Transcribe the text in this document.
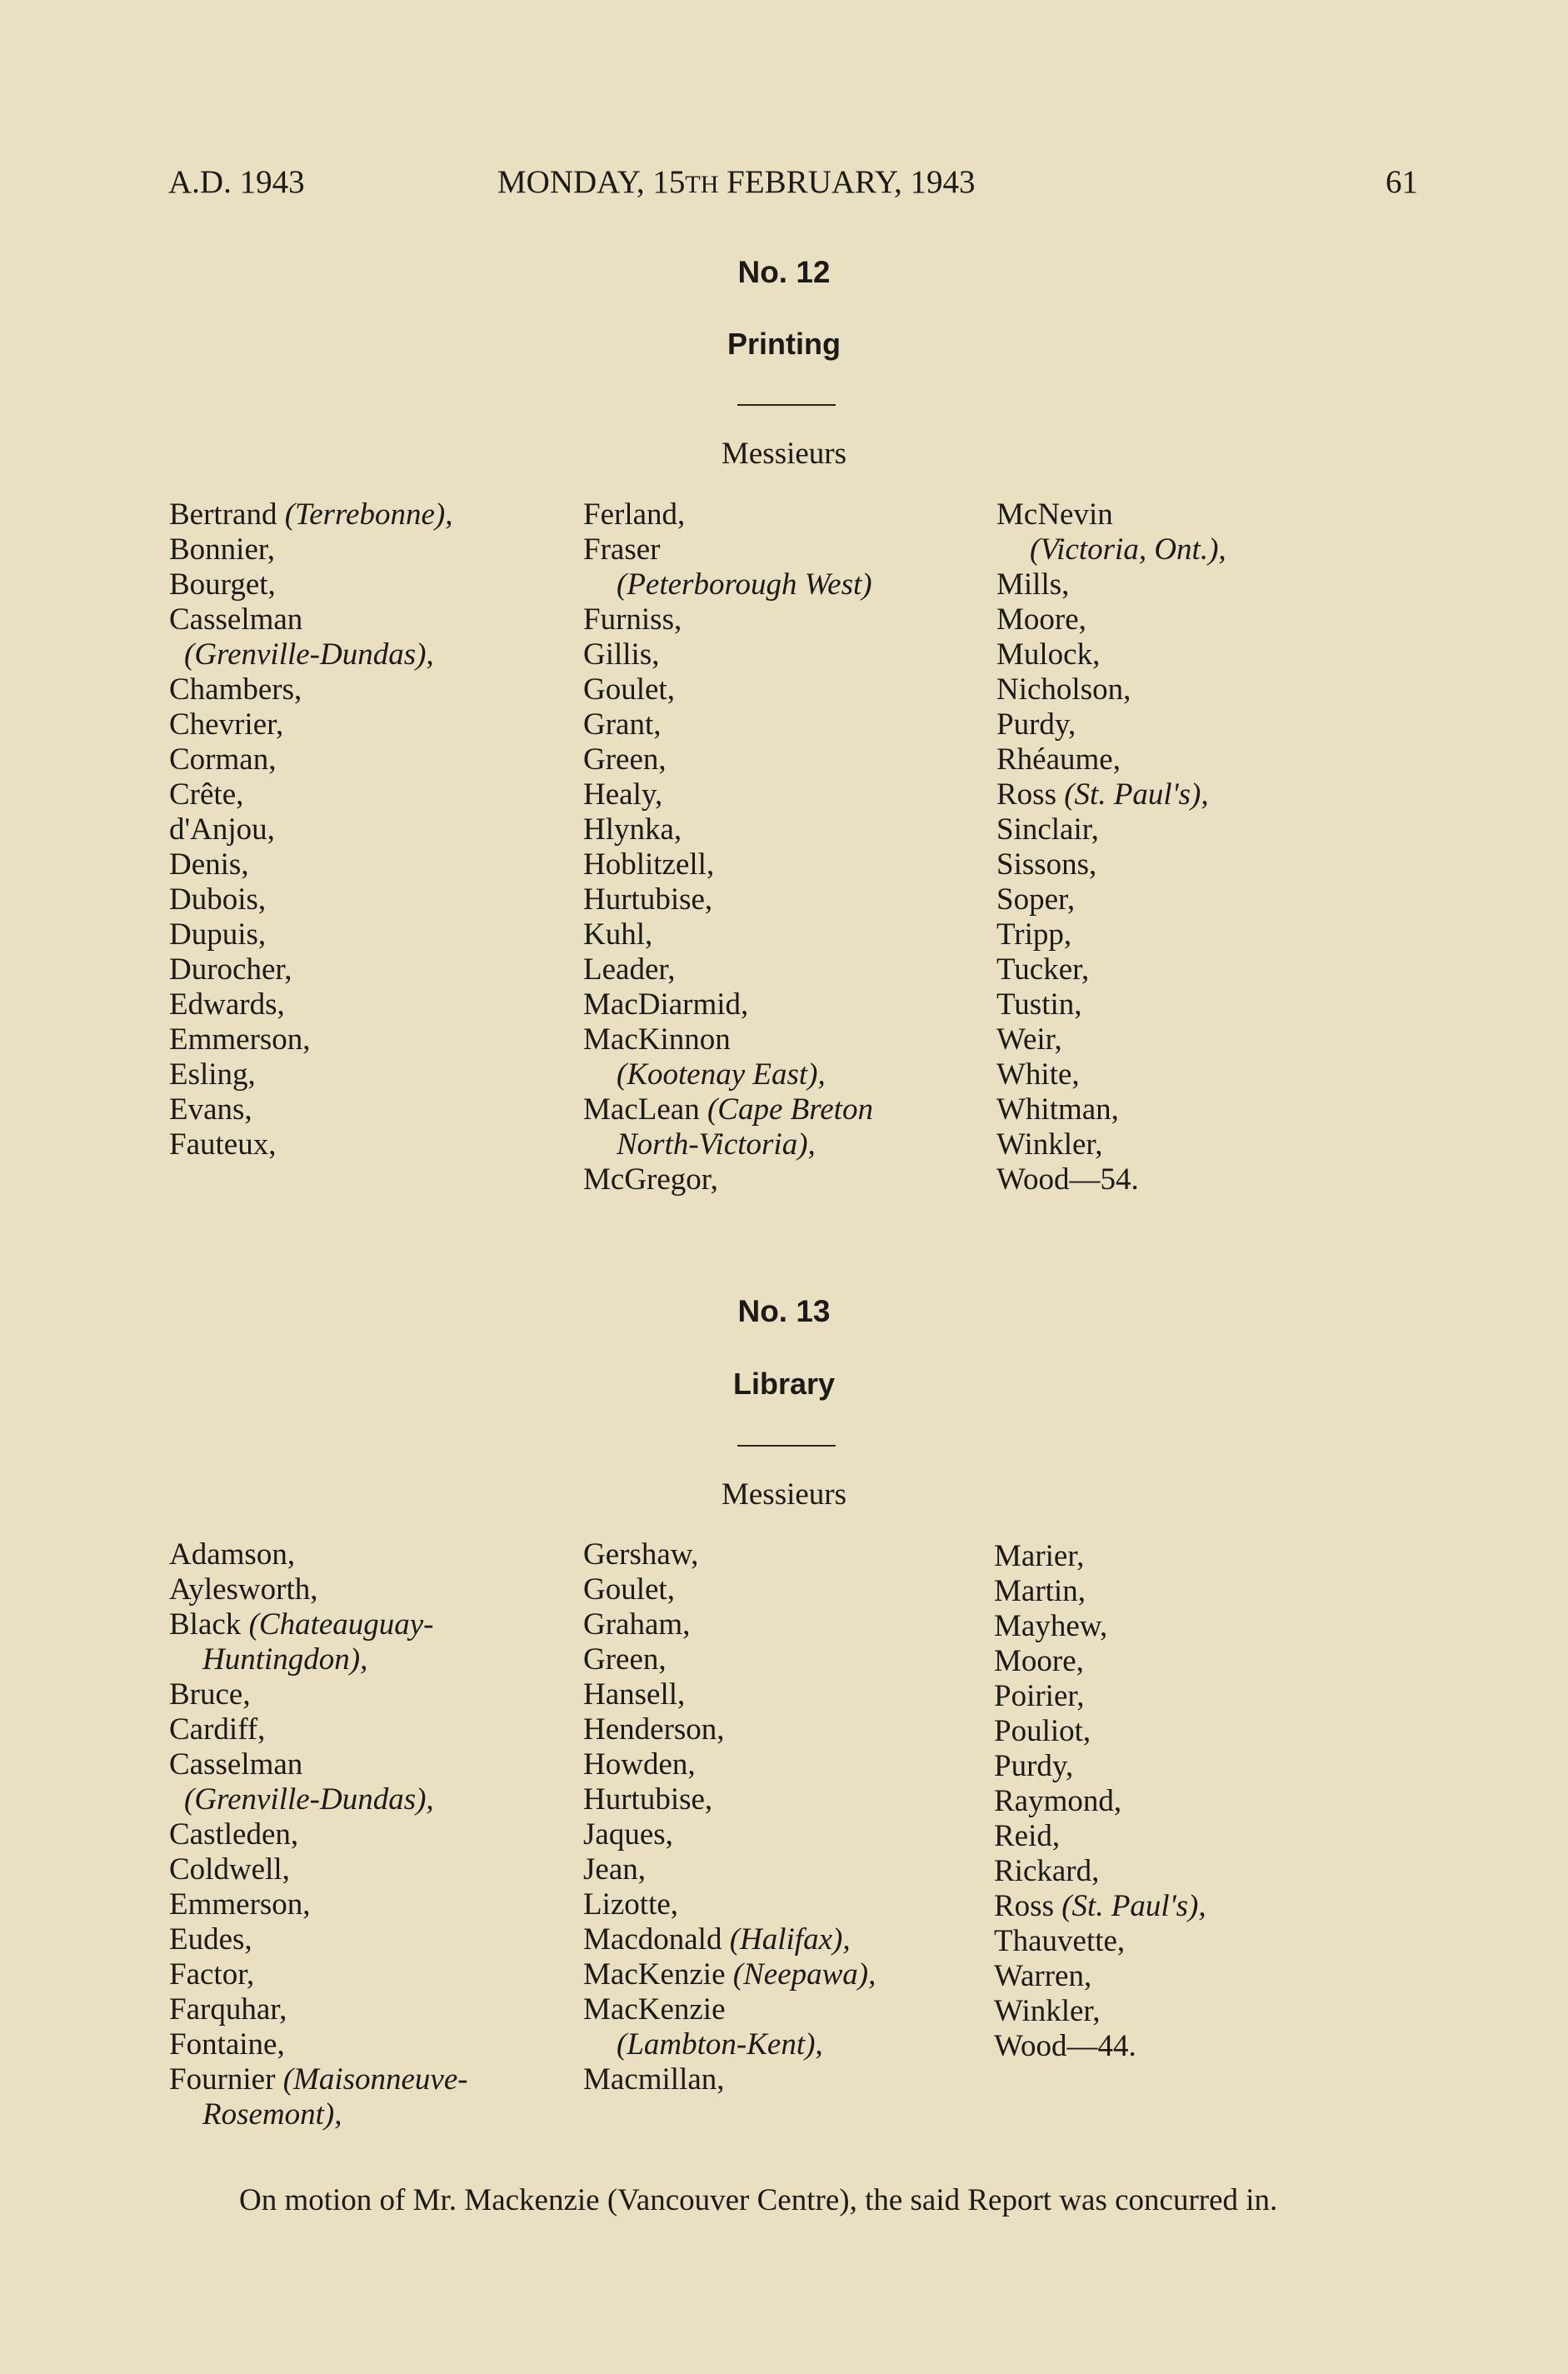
A.D. 1943	MONDAY, 15TH FEBRUARY, 1943	61
No. 12
Printing
Messieurs
Bertrand (Terrebonne),
Bonnier,
Bourget,
Casselman
(Grenville-Dundas),
Chambers,
Chevrier,
Corman,
Crête,
d'Anjou,
Denis,
Dubois,
Dupuis,
Durocher,
Edwards,
Emmerson,
Esling,
Evans,
Fauteux,
Ferland,
Fraser
(Peterborough West)
Furniss,
Gillis,
Goulet,
Grant,
Green,
Healy,
Hlynka,
Hoblitzell,
Hurtubise,
Kuhl,
Leader,
MacDiarmid,
MacKinnon
(Kootenay East),
MacLean (Cape Breton
North-Victoria),
McGregor,
McNevin
(Victoria, Ont.),
Mills,
Moore,
Mulock,
Nicholson,
Purdy,
Rhéaume,
Ross (St. Paul's),
Sinclair,
Sissons,
Soper,
Tripp,
Tucker,
Tustin,
Weir,
White,
Whitman,
Winkler,
Wood—54.
No. 13
Library
Messieurs
Adamson,
Aylesworth,
Black (Chateauguay-
Huntingdon),
Bruce,
Cardiff,
Casselman
(Grenville-Dundas),
Castleden,
Coldwell,
Emmerson,
Eudes,
Factor,
Farquhar,
Fontaine,
Fournier (Maisonneuve-
Rosemont),
Gershaw,
Goulet,
Graham,
Green,
Hansell,
Henderson,
Howden,
Hurtubise,
Jaques,
Jean,
Lizotte,
Macdonald (Halifax),
MacKenzie (Neepawa),
MacKenzie
(Lambton-Kent),
Macmillan,
Marier,
Martin,
Mayhew,
Moore,
Poirier,
Pouliot,
Purdy,
Raymond,
Reid,
Rickard,
Ross (St. Paul's),
Thauvette,
Warren,
Winkler,
Wood—44.
On motion of Mr. Mackenzie (Vancouver Centre), the said Report was concurred in.
